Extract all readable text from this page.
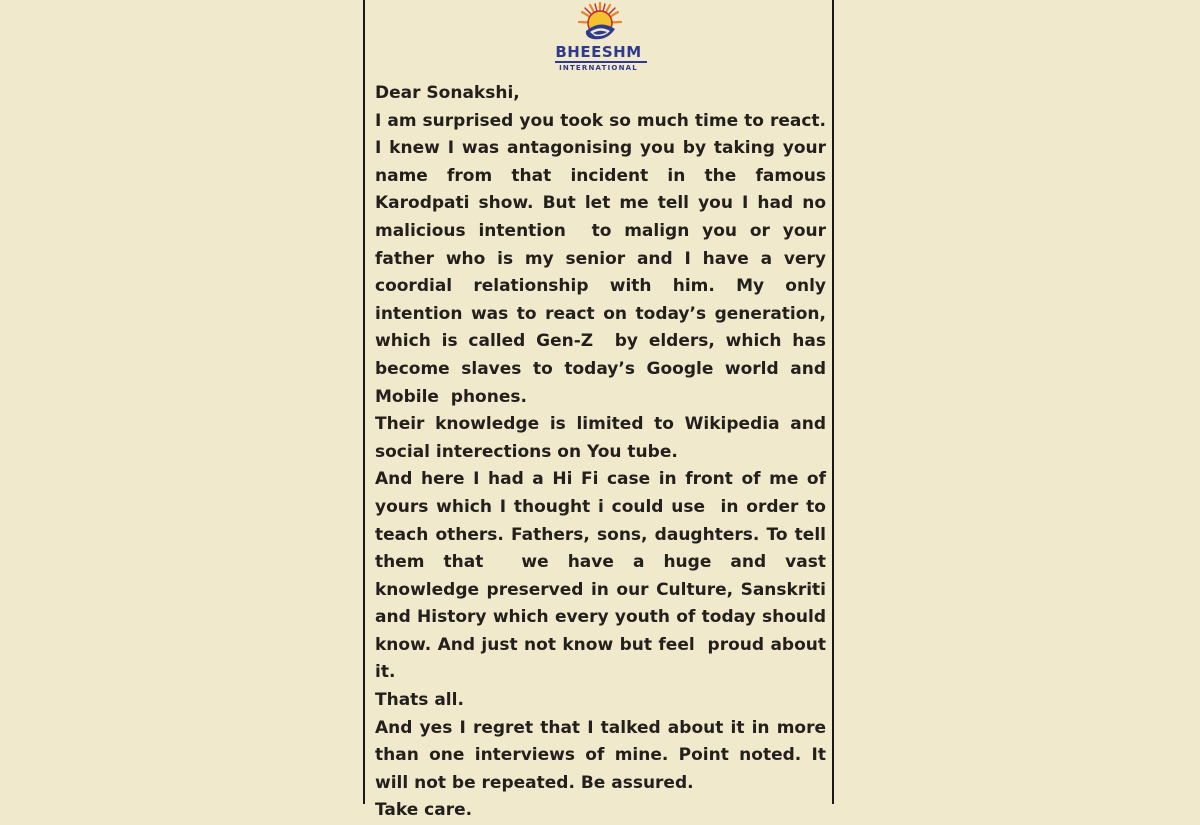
BHEESHM
INTERNATIONAL

Dear Sonakshi,

I am surprised you took so much time to react. I knew I was antagonising you by taking your name from that incident in the famous Karodpati show. But let me tell you I had no malicious intention  to malign you or your father who is my senior and I have a very coordial relationship with him. My only intention was to react on today’s generation, which is called Gen-Z  by elders, which has become slaves to today’s Google world and Mobile  phones.

Their knowledge is limited to Wikipedia and social interections on You tube.

And here I had a Hi Fi case in front of me of yours which I thought i could use  in order to teach others. Fathers, sons, daughters. To tell them that  we have a huge and vast knowledge preserved in our Culture, Sanskriti and History which every youth of today should know. And just not know but feel  proud about it.

Thats all.

And yes I regret that I talked about it in more than one interviews of mine. Point noted. It will not be repeated. Be assured.

Take care.
